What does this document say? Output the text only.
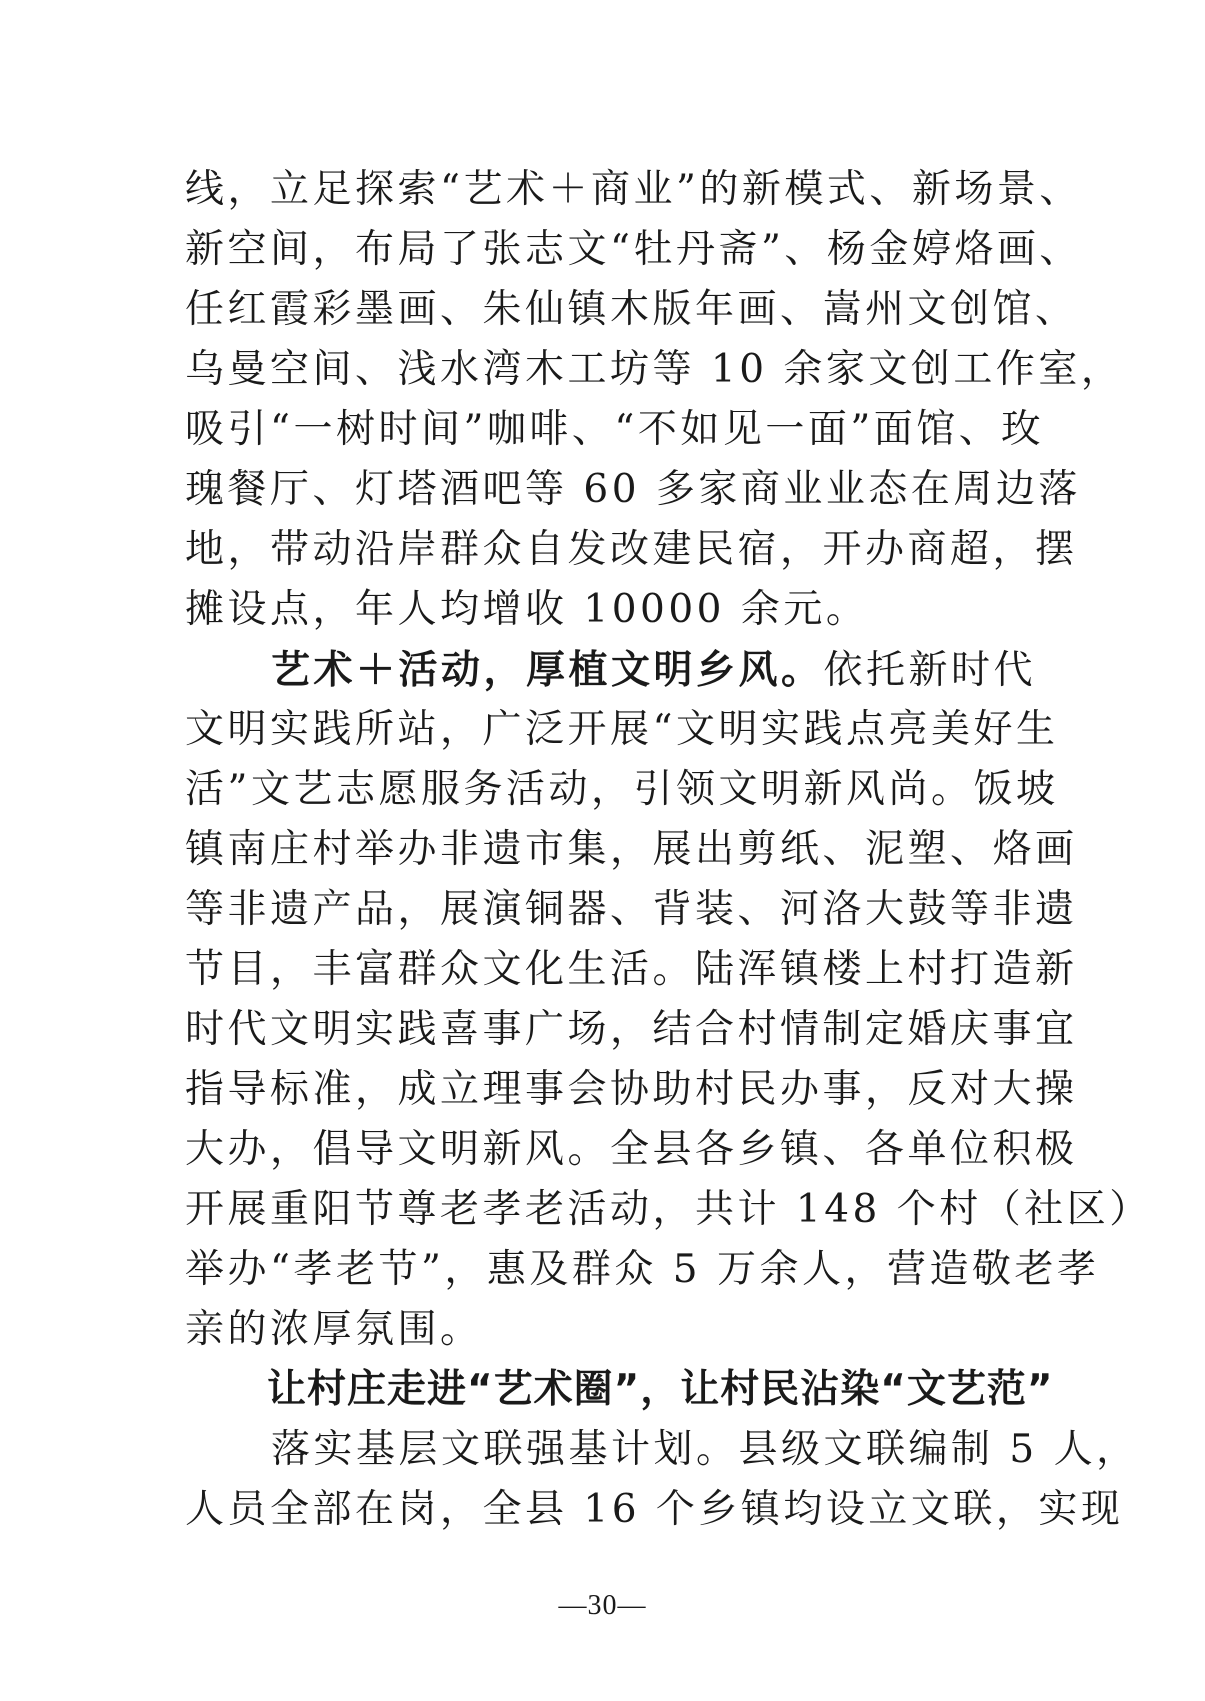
线，立足探索“艺术＋商业”的新模式、新场景、
新空间，布局了张志文“牡丹斋”、杨金婷烙画、
任红霞彩墨画、朱仙镇木版年画、嵩州文创馆、
乌曼空间、浅水湾木工坊等 10 余家文创工作室，
吸引“一树时间”咖啡、“不如见一面”面馆、玫
瑰餐厅、灯塔酒吧等 60 多家商业业态在周边落
地，带动沿岸群众自发改建民宿，开办商超，摆
摊设点，年人均增收 10000 余元。
艺术＋活动，厚植文明乡风。依托新时代
文明实践所站，广泛开展“文明实践点亮美好生
活”文艺志愿服务活动，引领文明新风尚。饭坡
镇南庄村举办非遗市集，展出剪纸、泥塑、烙画
等非遗产品，展演铜器、背装、河洛大鼓等非遗
节目，丰富群众文化生活。陆浑镇楼上村打造新
时代文明实践喜事广场，结合村情制定婚庆事宜
指导标准，成立理事会协助村民办事，反对大操
大办，倡导文明新风。全县各乡镇、各单位积极
开展重阳节尊老孝老活动，共计 148 个村（社区）
举办“孝老节”，惠及群众 5 万余人，营造敬老孝
亲的浓厚氛围。
让村庄走进“艺术圈”，让村民沾染“文艺范”
落实基层文联强基计划。县级文联编制 5 人，
人员全部在岗，全县 16 个乡镇均设立文联，实现
—30—
